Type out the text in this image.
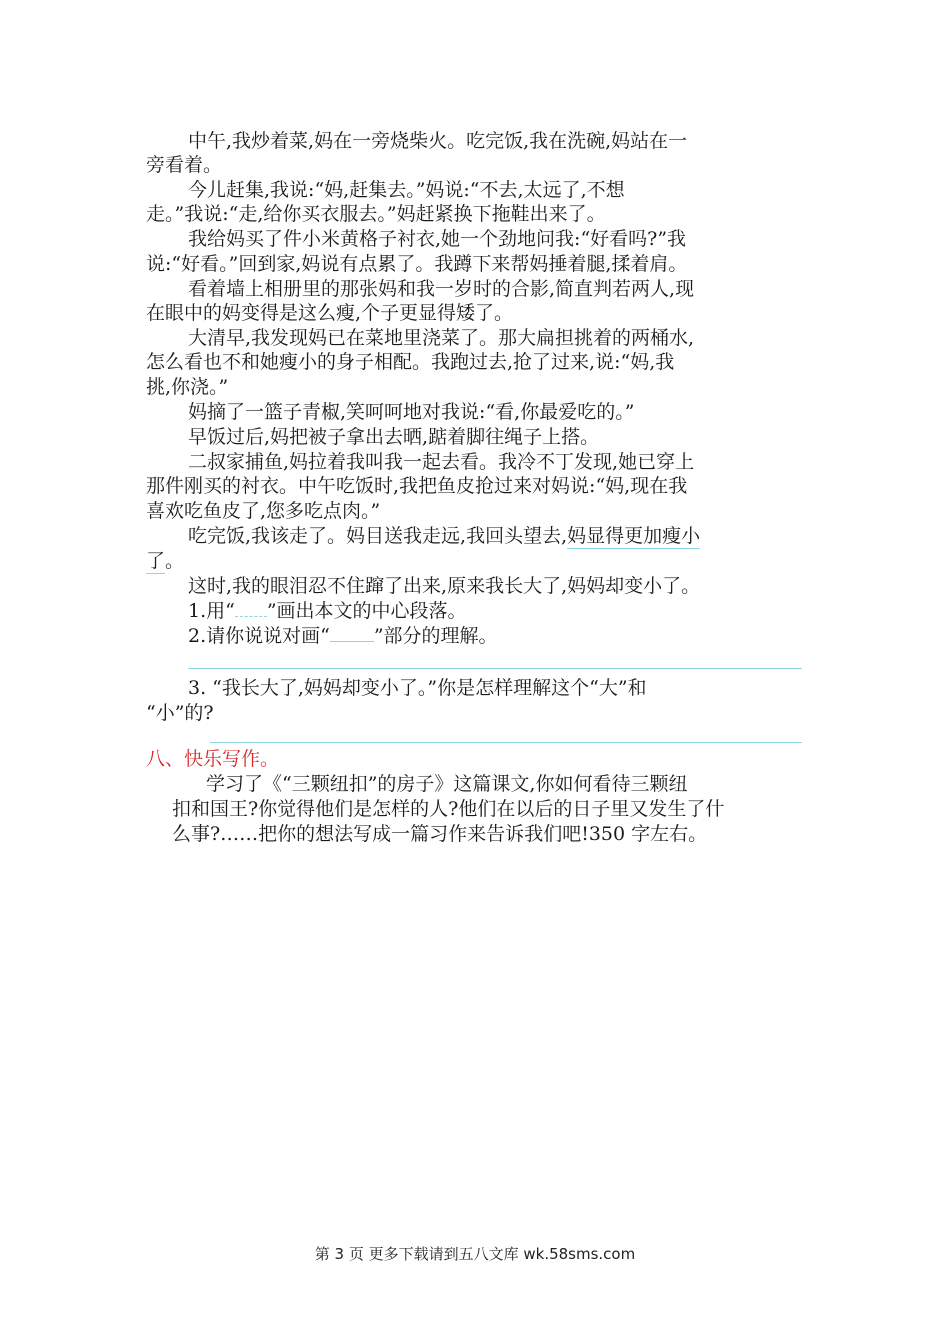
中午,我炒着菜,妈在一旁烧柴火。吃完饭,我在洗碗,妈站在一
旁看着。
今儿赶集,我说:“妈,赶集去。”妈说:“不去,太远了,不想
走。”我说:“走,给你买衣服去。”妈赶紧换下拖鞋出来了。
我给妈买了件小米黄格子衬衣,她一个劲地问我:“好看吗?”我
说:“好看。”回到家,妈说有点累了。我蹲下来帮妈捶着腿,揉着肩。
看着墙上相册里的那张妈和我一岁时的合影,简直判若两人,现
在眼中的妈变得是这么瘦,个子更显得矮了。
大清早,我发现妈已在菜地里浇菜了。那大扁担挑着的两桶水,
怎么看也不和她瘦小的身子相配。我跑过去,抢了过来,说:“妈,我
挑,你浇。”
妈摘了一篮子青椒,笑呵呵地对我说:“看,你最爱吃的。”
早饭过后,妈把被子拿出去晒,踮着脚往绳子上搭。
二叔家捕鱼,妈拉着我叫我一起去看。我冷不丁发现,她已穿上
那件刚买的衬衣。中午吃饭时,我把鱼皮抢过来对妈说:“妈,现在我
喜欢吃鱼皮了,您多吃点肉。”
吃完饭,我该走了。妈目送我走远,我回头望去,妈显得更加瘦小
了。
这时,我的眼泪忍不住蹿了出来,原来我长大了,妈妈却变小了。
1.用“ ”画出本文的中心段落。
2.请你说说对画“ ”部分的理解。
3. “我长大了,妈妈却变小了。”你是怎样理解这个“大”和
“小”的?
八、快乐写作。
学习了《“三颗纽扣”的房子》这篇课文,你如何看待三颗纽
扣和国王?你觉得他们是怎样的人?他们在以后的日子里又发生了什
么事?……把你的想法写成一篇习作来告诉我们吧!350 字左右。
第 3 页 更多下载请到五八文库 wk.58sms.com
